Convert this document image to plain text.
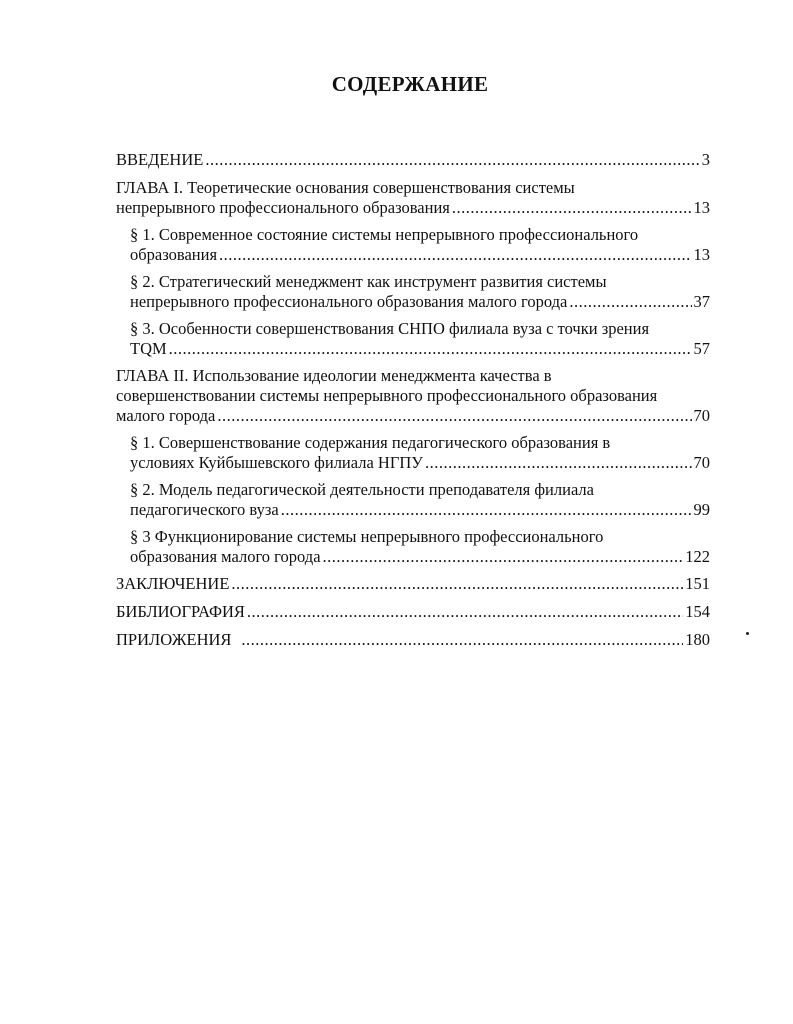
СОДЕРЖАНИЕ
ВВЕДЕНИЕ .....	3
ГЛАВА I. Теоретические основания совершенствования системы
непрерывного профессионального образования .....	13
§ 1. Современное состояние системы непрерывного профессионального
образования .....	13
§ 2. Стратегический менеджмент как инструмент развития системы
непрерывного профессионального образования малого города .....	37
§ 3. Особенности совершенствования СНПО филиала вуза с точки зрения
TQM .....	57
ГЛАВА II. Использование идеологии менеджмента качества в
совершенствовании системы непрерывного профессионального образования
малого города .....	70
§ 1. Совершенствование содержания педагогического образования в
условиях Куйбышевского филиала НГПУ .....	70
§ 2. Модель педагогической деятельности преподавателя филиала
педагогического вуза .....	99
§ 3 Функционирование системы непрерывного профессионального
образования малого города .....	122
ЗАКЛЮЧЕНИЕ .....	151
БИБЛИОГРАФИЯ .....	154
ПРИЛОЖЕНИЯ .....	180
